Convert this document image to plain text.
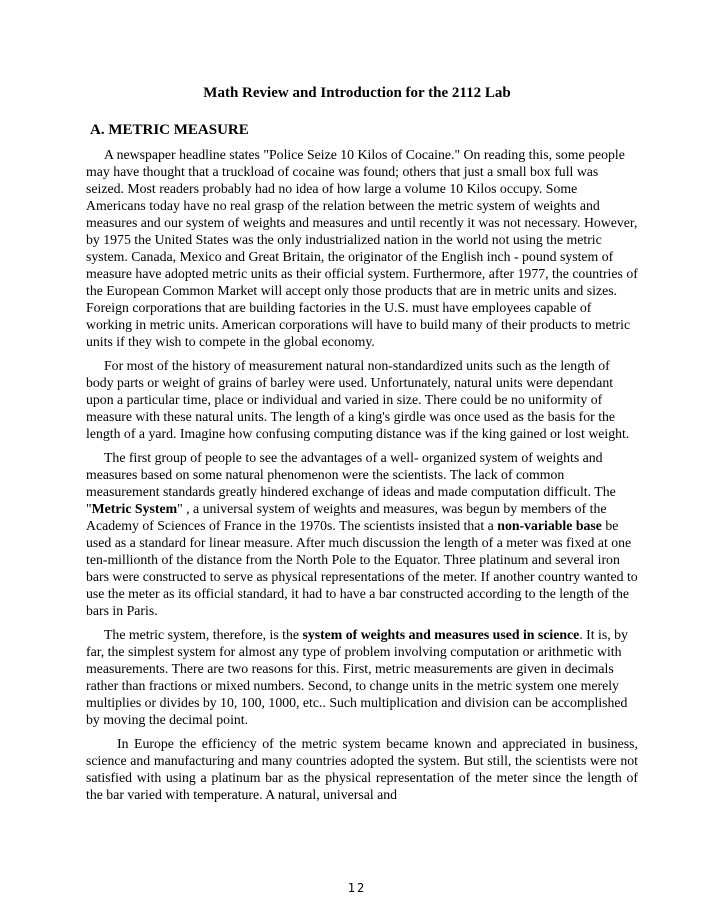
Math Review and Introduction for the 2112 Lab
A. METRIC MEASURE

A newspaper headline states "Police Seize 10 Kilos of Cocaine." On reading this, some people may have thought that a truckload of cocaine was found; others that just a small box full was seized. Most readers probably had no idea of how large a volume 10 Kilos occupy. Some Americans today have no real grasp of the relation between the metric system of weights and measures and our system of weights and measures and until recently it was not necessary. However, by 1975 the United States was the only industrialized nation in the world not using the metric system. Canada, Mexico and Great Britain, the originator of the English inch - pound system of measure have adopted metric units as their official system. Furthermore, after 1977, the countries of the European Common Market will accept only those products that are in metric units and sizes. Foreign corporations that are building factories in the U.S. must have employees capable of working in metric units. American corporations will have to build many of their products to metric units if they wish to compete in the global economy.

For most of the history of measurement natural non-standardized units such as the length of body parts or weight of grains of barley were used. Unfortunately, natural units were dependant upon a particular time, place or individual and varied in size. There could be no uniformity of measure with these natural units. The length of a king's girdle was once used as the basis for the length of a yard. Imagine how confusing computing distance was if the king gained or lost weight.

The first group of people to see the advantages of a well- organized system of weights and measures based on some natural phenomenon were the scientists. The lack of common measurement standards greatly hindered exchange of ideas and made computation difficult. The "Metric System" , a universal system of weights and measures, was begun by members of the Academy of Sciences of France in the 1970s. The scientists insisted that a non-variable base be used as a standard for linear measure. After much discussion the length of a meter was fixed at one ten-millionth of the distance from the North Pole to the Equator. Three platinum and several iron bars were constructed to serve as physical representations of the meter. If another country wanted to use the meter as its official standard, it had to have a bar constructed according to the length of the bars in Paris.

The metric system, therefore, is the system of weights and measures used in science. It is, by far, the simplest system for almost any type of problem involving computation or arithmetic with measurements. There are two reasons for this. First, metric measurements are given in decimals rather than fractions or mixed numbers. Second, to change units in the metric system one merely multiplies or divides by 10, 100, 1000, etc.. Such multiplication and division can be accomplished by moving the decimal point.

In Europe the efficiency of the metric system became known and appreciated in business, science and manufacturing and many countries adopted the system. But still, the scientists were not satisfied with using a platinum bar as the physical representation of the meter since the length of the bar varied with temperature. A natural, universal and

12
